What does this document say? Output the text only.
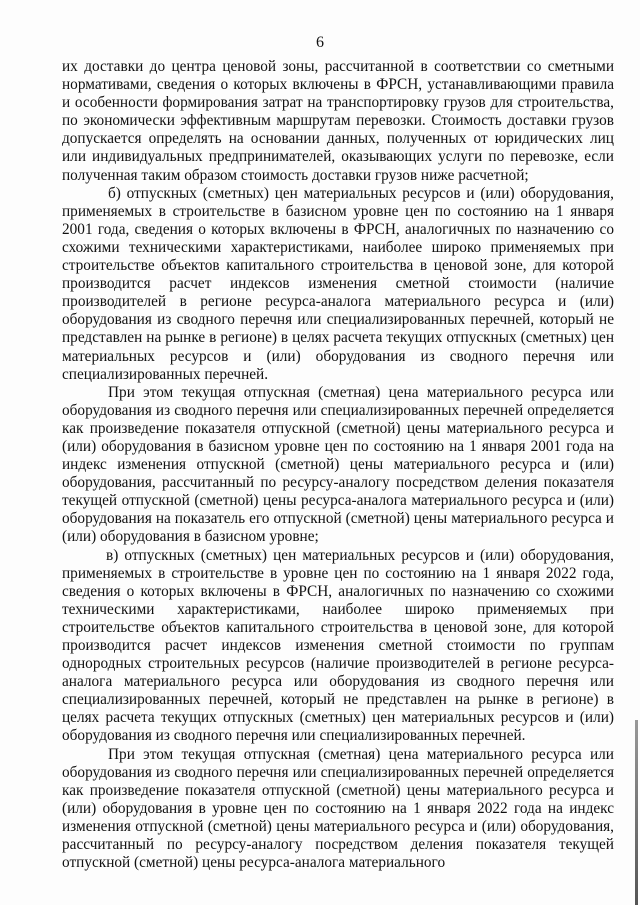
6

их доставки до центра ценовой зоны, рассчитанной в соответствии со сметными нормативами, сведения о которых включены в ФРСН, устанавливающими правила и особенности формирования затрат на транспортировку грузов для строительства, по экономически эффективным маршрутам перевозки. Стоимость доставки грузов допускается определять на основании данных, полученных от юридических лиц или индивидуальных предпринимателей, оказывающих услуги по перевозке, если полученная таким образом стоимость доставки грузов ниже расчетной;

б) отпускных (сметных) цен материальных ресурсов и (или) оборудования, применяемых в строительстве в базисном уровне цен по состоянию на 1 января 2001 года, сведения о которых включены в ФРСН, аналогичных по назначению со схожими техническими характеристиками, наиболее широко применяемых при строительстве объектов капитального строительства в ценовой зоне, для которой производится расчет индексов изменения сметной стоимости (наличие производителей в регионе ресурса-аналога материального ресурса и (или) оборудования из сводного перечня или специализированных перечней, который не представлен на рынке в регионе) в целях расчета текущих отпускных (сметных) цен материальных ресурсов и (или) оборудования из сводного перечня или специализированных перечней.

При этом текущая отпускная (сметная) цена материального ресурса или оборудования из сводного перечня или специализированных перечней определяется как произведение показателя отпускной (сметной) цены материального ресурса и (или) оборудования в базисном уровне цен по состоянию на 1 января 2001 года на индекс изменения отпускной (сметной) цены материального ресурса и (или) оборудования, рассчитанный по ресурсу-аналогу посредством деления показателя текущей отпускной (сметной) цены ресурса-аналога материального ресурса и (или) оборудования на показатель его отпускной (сметной) цены материального ресурса и (или) оборудования в базисном уровне;

в) отпускных (сметных) цен материальных ресурсов и (или) оборудования, применяемых в строительстве в уровне цен по состоянию на 1 января 2022 года, сведения о которых включены в ФРСН, аналогичных по назначению со схожими техническими характеристиками, наиболее широко применяемых при строительстве объектов капитального строительства в ценовой зоне, для которой производится расчет индексов изменения сметной стоимости по группам однородных строительных ресурсов (наличие производителей в регионе ресурса-аналога материального ресурса или оборудования из сводного перечня или специализированных перечней, который не представлен на рынке в регионе) в целях расчета текущих отпускных (сметных) цен материальных ресурсов и (или) оборудования из сводного перечня или специализированных перечней.

При этом текущая отпускная (сметная) цена материального ресурса или оборудования из сводного перечня или специализированных перечней определяется как произведение показателя отпускной (сметной) цены материального ресурса и (или) оборудования в уровне цен по состоянию на 1 января 2022 года на индекс изменения отпускной (сметной) цены материального ресурса и (или) оборудования, рассчитанный по ресурсу-аналогу посредством деления показателя текущей отпускной (сметной) цены ресурса-аналога материального
